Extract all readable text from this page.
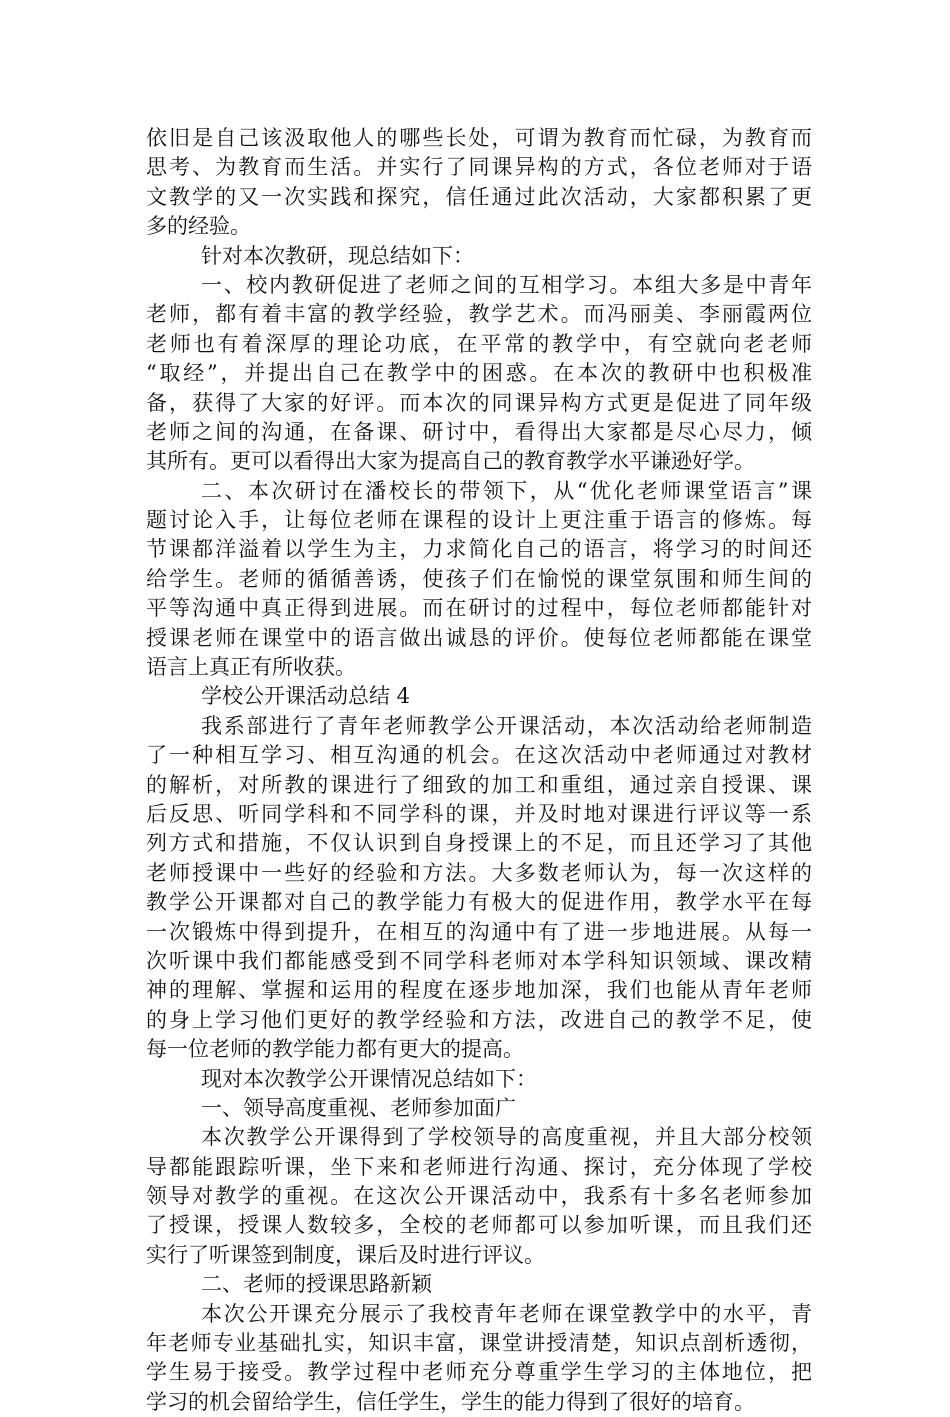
依旧是自己该汲取他人的哪些长处，可谓为教育而忙碌，为教育而
思考、为教育而生活。并实行了同课异构的方式，各位老师对于语
文教学的又一次实践和探究，信任通过此次活动，大家都积累了更
多的经验。
针对本次教研，现总结如下：
一、校内教研促进了老师之间的互相学习。本组大多是中青年
老师，都有着丰富的教学经验，教学艺术。而冯丽美、李丽霞两位
老师也有着深厚的理论功底，在平常的教学中，有空就向老老师
“取经”，并提出自己在教学中的困惑。在本次的教研中也积极准
备，获得了大家的好评。而本次的同课异构方式更是促进了同年级
老师之间的沟通，在备课、研讨中，看得出大家都是尽心尽力，倾
其所有。更可以看得出大家为提高自己的教育教学水平谦逊好学。
二、本次研讨在潘校长的带领下，从“优化老师课堂语言”课
题讨论入手，让每位老师在课程的设计上更注重于语言的修炼。每
节课都洋溢着以学生为主，力求简化自己的语言，将学习的时间还
给学生。老师的循循善诱，使孩子们在愉悦的课堂氛围和师生间的
平等沟通中真正得到进展。而在研讨的过程中，每位老师都能针对
授课老师在课堂中的语言做出诚恳的评价。使每位老师都能在课堂
语言上真正有所收获。
学校公开课活动总结 4
我系部进行了青年老师教学公开课活动，本次活动给老师制造
了一种相互学习、相互沟通的机会。在这次活动中老师通过对教材
的解析，对所教的课进行了细致的加工和重组，通过亲自授课、课
后反思、听同学科和不同学科的课，并及时地对课进行评议等一系
列方式和措施，不仅认识到自身授课上的不足，而且还学习了其他
老师授课中一些好的经验和方法。大多数老师认为，每一次这样的
教学公开课都对自己的教学能力有极大的促进作用，教学水平在每
一次锻炼中得到提升，在相互的沟通中有了进一步地进展。从每一
次听课中我们都能感受到不同学科老师对本学科知识领域、课改精
神的理解、掌握和运用的程度在逐步地加深，我们也能从青年老师
的身上学习他们更好的教学经验和方法，改进自己的教学不足，使
每一位老师的教学能力都有更大的提高。
现对本次教学公开课情况总结如下：
一、领导高度重视、老师参加面广
本次教学公开课得到了学校领导的高度重视，并且大部分校领
导都能跟踪听课，坐下来和老师进行沟通、探讨，充分体现了学校
领导对教学的重视。在这次公开课活动中，我系有十多名老师参加
了授课，授课人数较多，全校的老师都可以参加听课，而且我们还
实行了听课签到制度，课后及时进行评议。
二、老师的授课思路新颖
本次公开课充分展示了我校青年老师在课堂教学中的水平，青
年老师专业基础扎实，知识丰富，课堂讲授清楚，知识点剖析透彻，
学生易于接受。教学过程中老师充分尊重学生学习的主体地位，把
学习的机会留给学生，信任学生，学生的能力得到了很好的培育。
